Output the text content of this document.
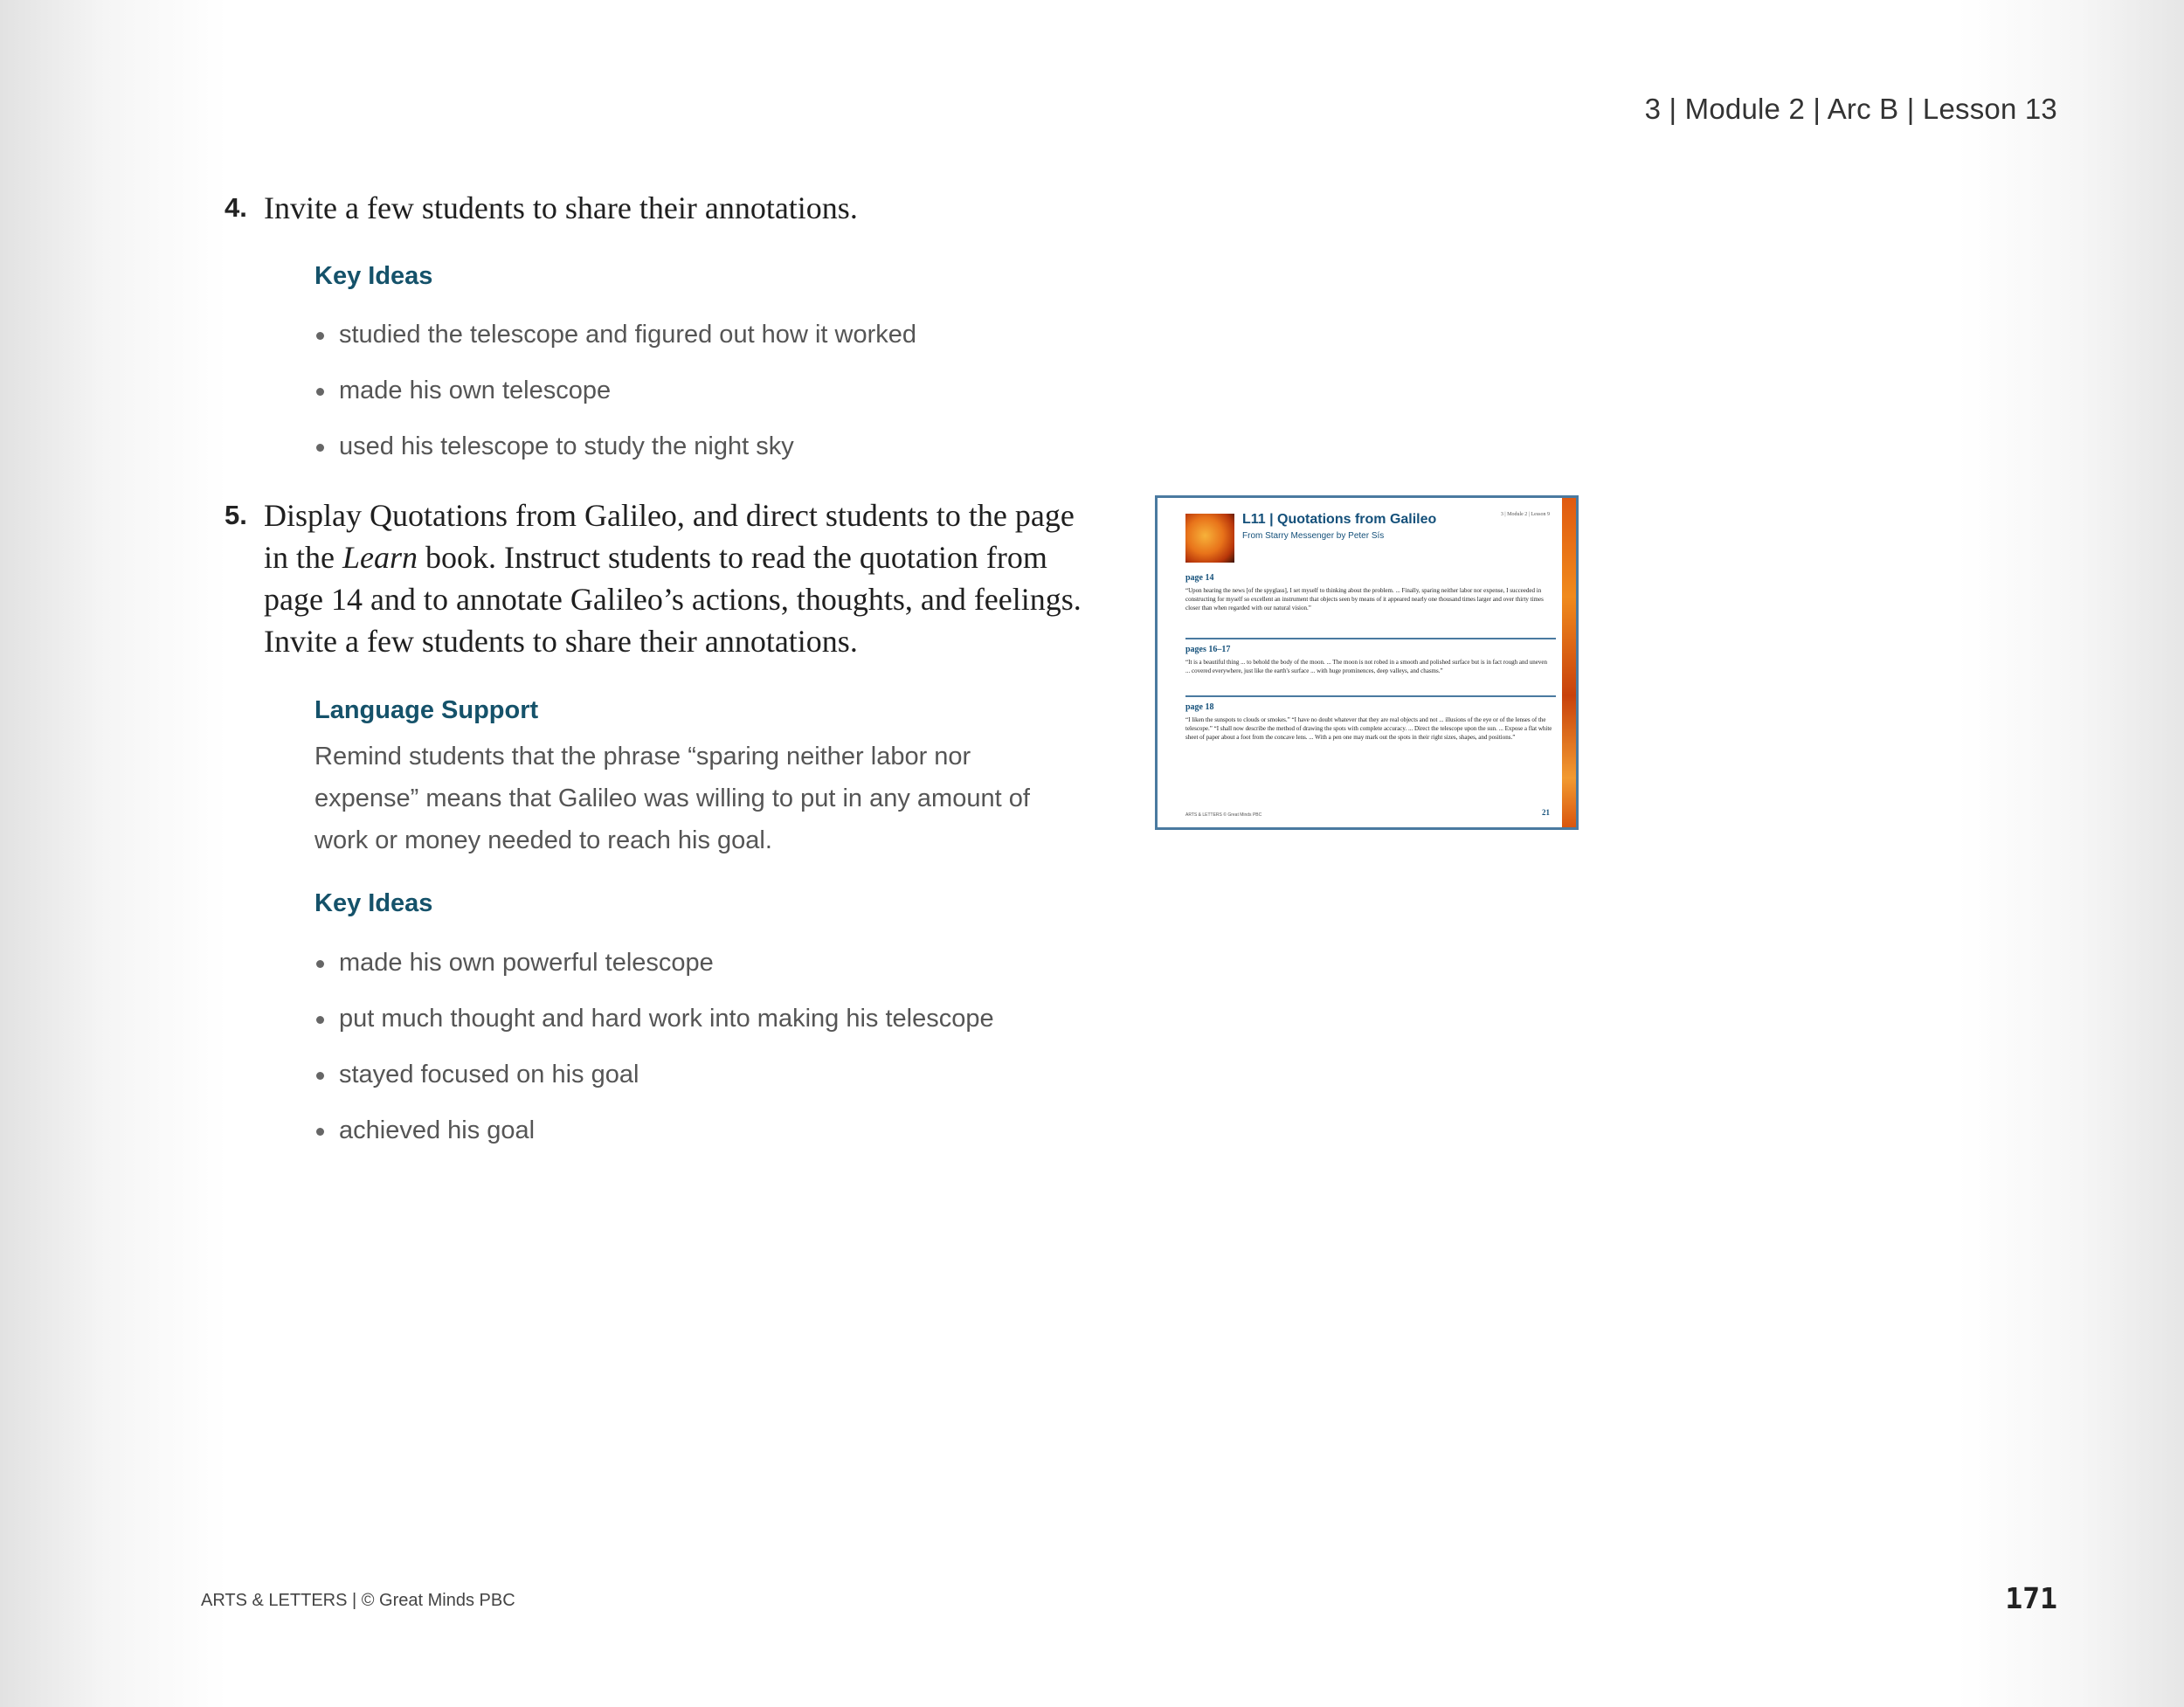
3 | Module 2 | Arc B | Lesson 13
4. Invite a few students to share their annotations.
Key Ideas
studied the telescope and figured out how it worked
made his own telescope
used his telescope to study the night sky
5. Display Quotations from Galileo, and direct students to the page
in the Learn book. Instruct students to read the quotation from
page 14 and to annotate Galileo’s actions, thoughts, and feelings.
Invite a few students to share their annotations.
Language Support
Remind students that the phrase “sparing neither labor nor
expense” means that Galileo was willing to put in any amount of
work or money needed to reach his goal.
Key Ideas
made his own powerful telescope
put much thought and hard work into making his telescope
stayed focused on his goal
achieved his goal
L11 | Quotations from Galileo
From Starry Messenger by Peter Sís
3 | Module 2 | Lesson 9
page 14
“Upon hearing the news [of the spyglass], I set myself to thinking about the problem. ... Finally, sparing neither labor nor expense, I succeeded in constructing for myself so excellent an instrument that objects seen by means of it appeared nearly one thousand times larger and over thirty times closer than when regarded with our natural vision.”
pages 16–17
“It is a beautiful thing ... to behold the body of the moon. ... The moon is not robed in a smooth and polished surface but is in fact rough and uneven ... covered everywhere, just like the earth's surface ... with huge prominences, deep valleys, and chasms.”
page 18
“I liken the sunspots to clouds or smokes.” “I have no doubt whatever that they are real objects and not ... illusions of the eye or of the lenses of the telescope.” “I shall now describe the method of drawing the spots with complete accuracy. ... Direct the telescope upon the sun. ... Expose a flat white sheet of paper about a foot from the concave lens. ... With a pen one may mark out the spots in their right sizes, shapes, and positions.”
ARTS & LETTERS © Great Minds PBC	21
ARTS & LETTERS | © Great Minds PBC	171
